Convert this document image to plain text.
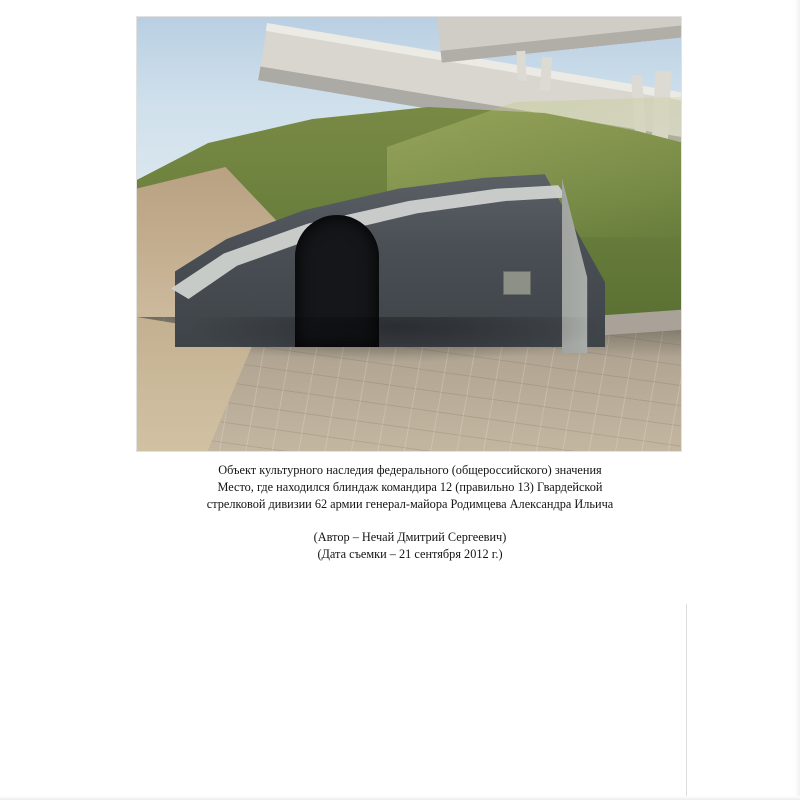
Объект культурного наследия федерального (общероссийского) значения
Место, где находился блиндаж командира 12 (правильно 13) Гвардейской
стрелковой дивизии 62 армии генерал-майора Родимцева Александра Ильича
(Автор – Нечай Дмитрий Сергеевич)
(Дата съемки – 21 сентября 2012 г.)
